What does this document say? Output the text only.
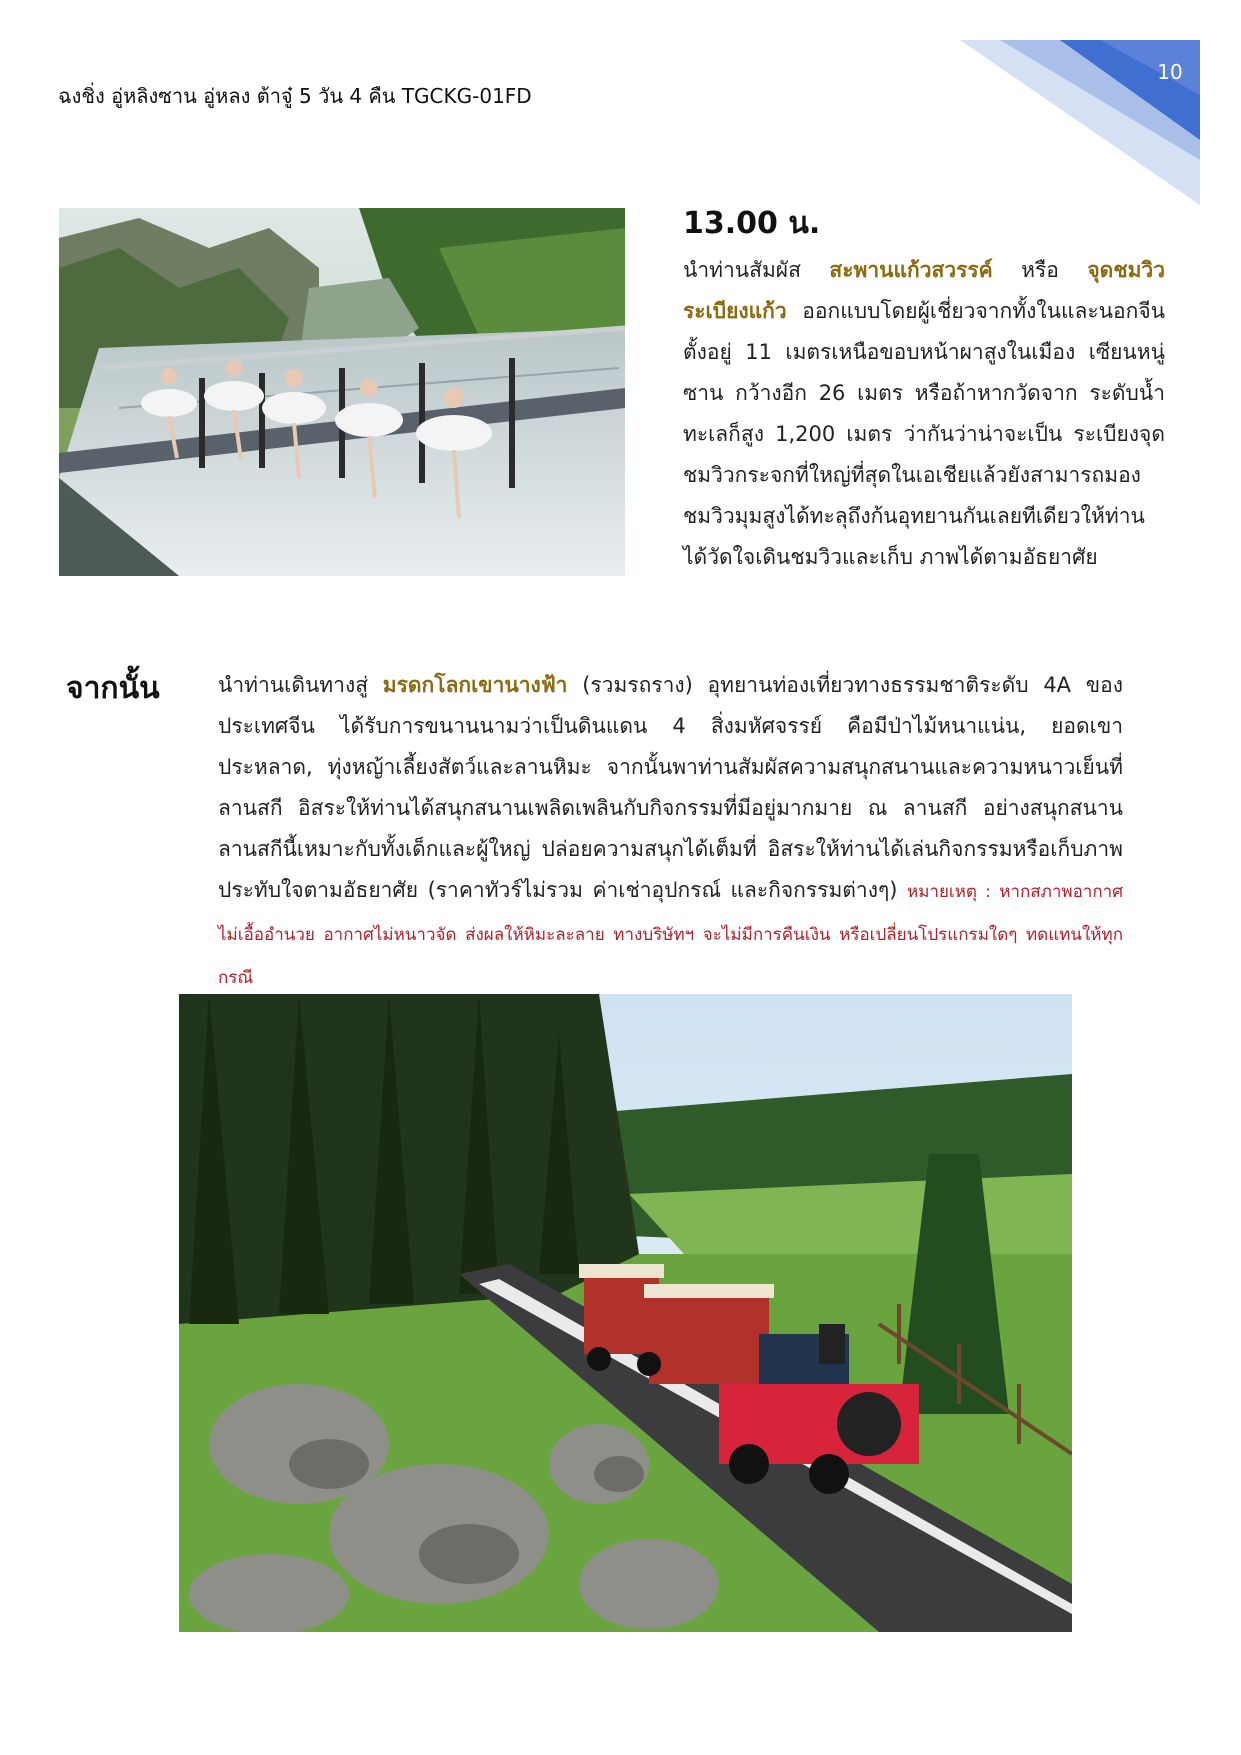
10
ฉงชิ่ง อู่หลิงซาน อู่หลง ต้าจู๋ 5 วัน 4 คืน TGCKG-01FD
13.00 น.
นำท่านสัมผัส สะพานแก้วสวรรค์ หรือ จุดชมวิวระเบียงแก้ว ออกแบบโดยผู้เชี่ยวจากทั้งในและนอกจีน ตั้งอยู่ 11 เมตรเหนือขอบหน้าผาสูงในเมือง เซียนหนู่ซาน กว้างอีก 26 เมตร หรือถ้าหากวัดจาก ระดับน้ำทะเลก็สูง 1,200 เมตร ว่ากันว่าน่าจะเป็น ระเบียงจุดชมวิวกระจกที่ใหญ่ที่สุดในเอเชียแล้วยังสามารถมองชมวิวมุมสูงได้ทะลุถึงก้นอุทยานกันเลยทีเดียวให้ท่านได้วัดใจเดินชมวิวและเก็บ ภาพได้ตามอัธยาศัย
จากนั้น	นำท่านเดินทางสู่ มรดกโลกเขานางฟ้า (รวมรถราง) อุทยานท่องเที่ยวทางธรรมชาติระดับ 4A ของประเทศจีน ได้รับการขนานนามว่าเป็นดินแดน 4 สิ่งมหัศจรรย์ คือมีป่าไม้หนาแน่น, ยอดเขาประหลาด, ทุ่งหญ้าเลี้ยงสัตว์และลานหิมะ จากนั้นพาท่านสัมผัสความสนุกสนานและความหนาวเย็นที่ ลานสกี อิสระให้ท่านได้สนุกสนานเพลิดเพลินกับกิจกรรมที่มีอยู่มากมาย ณ ลานสกี อย่างสนุกสนาน ลานสกีนี้เหมาะกับทั้งเด็กและผู้ใหญ่ ปล่อยความสนุกได้เต็มที่ อิสระให้ท่านได้เล่นกิจกรรมหรือเก็บภาพประทับใจตามอัธยาศัย (ราคาทัวร์ไม่รวม ค่าเช่าอุปกรณ์ และกิจกรรมต่างๆ) หมายเหตุ : หากสภาพอากาศไม่เอื้ออำนวย อากาศไม่หนาวจัด ส่งผลให้หิมะละลาย ทางบริษัทฯ จะไม่มีการคืนเงิน หรือเปลี่ยนโปรแกรมใดๆ ทดแทนให้ทุกกรณี
